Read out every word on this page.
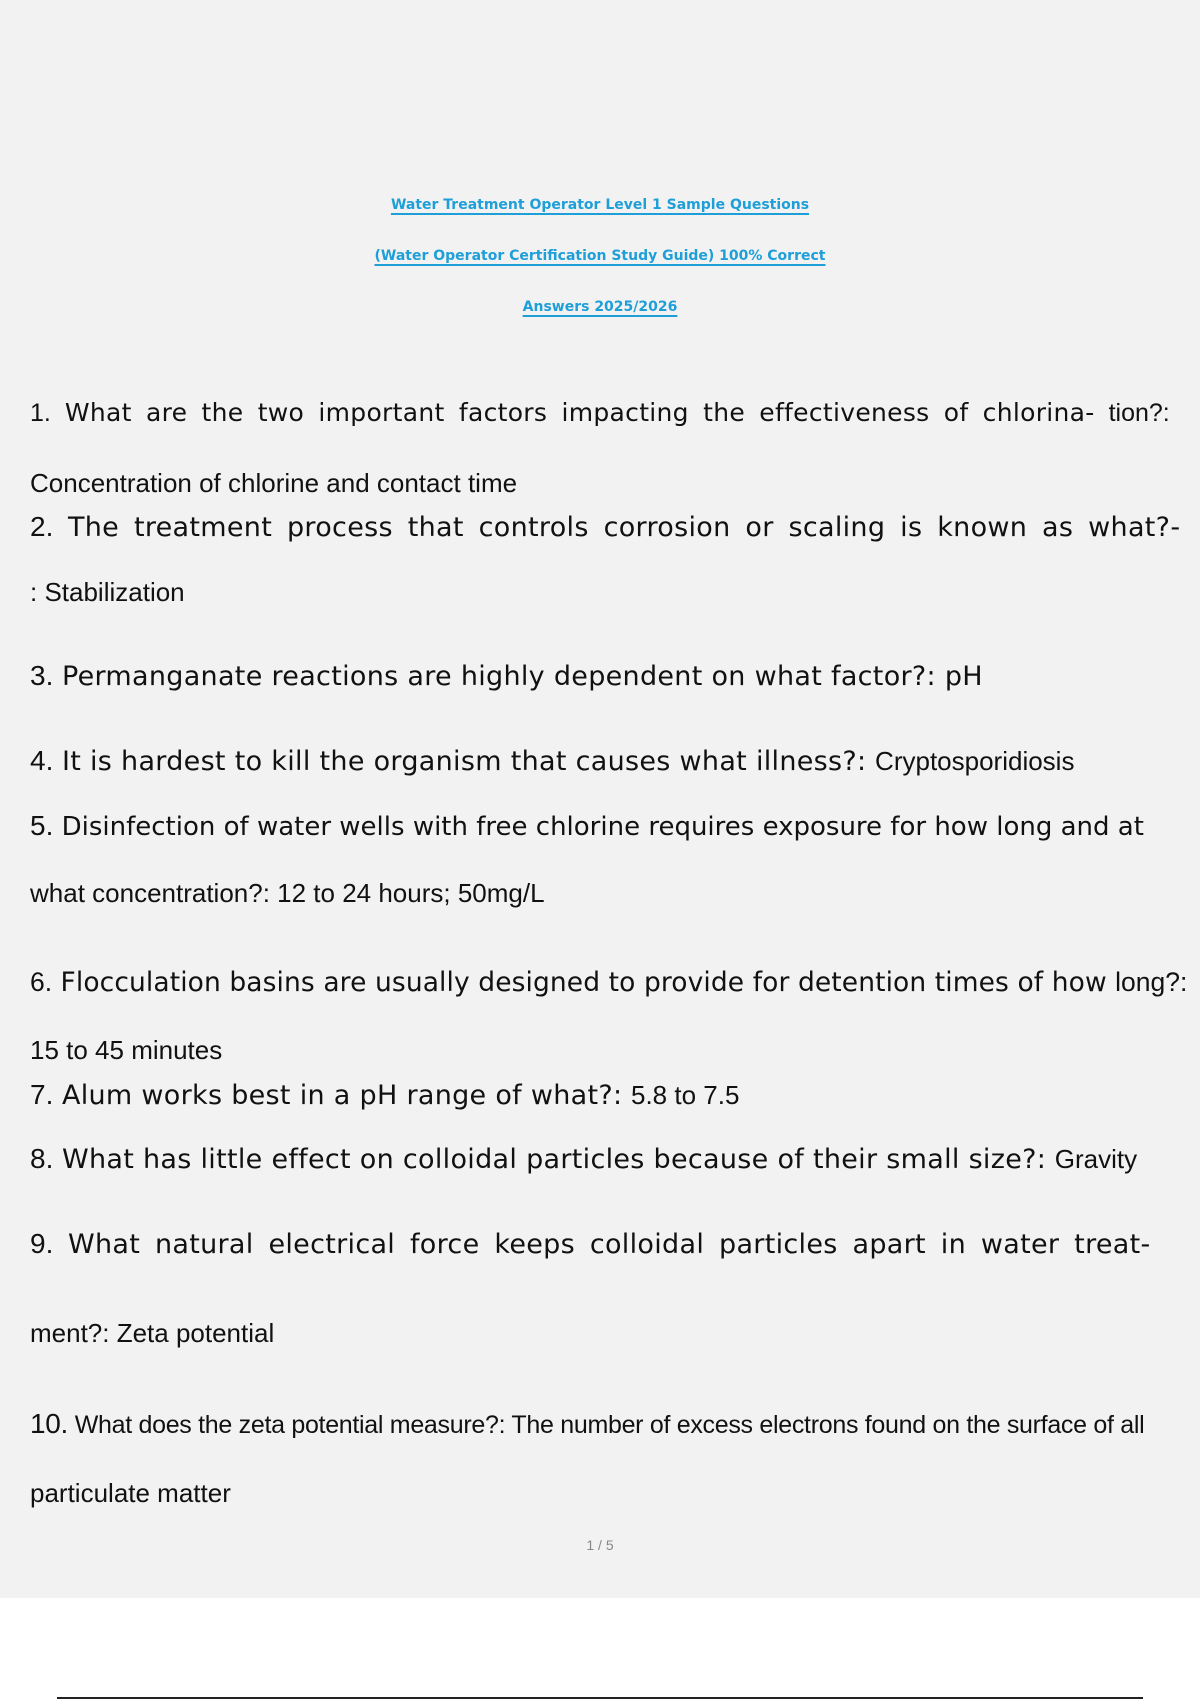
Water Treatment Operator Level 1 Sample Questions
(Water Operator Certification Study Guide) 100% Correct
Answers 2025/2026
1. What are the two important factors impacting the effectiveness of chlorina- tion?:
Concentration of chlorine and contact time
2. The treatment process that controls corrosion or scaling is known as what?-
: Stabilization
3. Permanganate reactions are highly dependent on what factor?: pH
4. It is hardest to kill the organism that causes what illness?: Cryptosporidiosis
5. Disinfection of water wells with free chlorine requires exposure for how long and at
what concentration?: 12 to 24 hours; 50mg/L
6. Flocculation basins are usually designed to provide for detention times of how long?:
15 to 45 minutes
7. Alum works best in a pH range of what?: 5.8 to 7.5
8. What has little effect on colloidal particles because of their small size?: Gravity
9. What natural electrical force keeps colloidal particles apart in water treat-
ment?: Zeta potential
10. What does the zeta potential measure?: The number of excess electrons found on the surface of all
particulate matter
1 / 5
